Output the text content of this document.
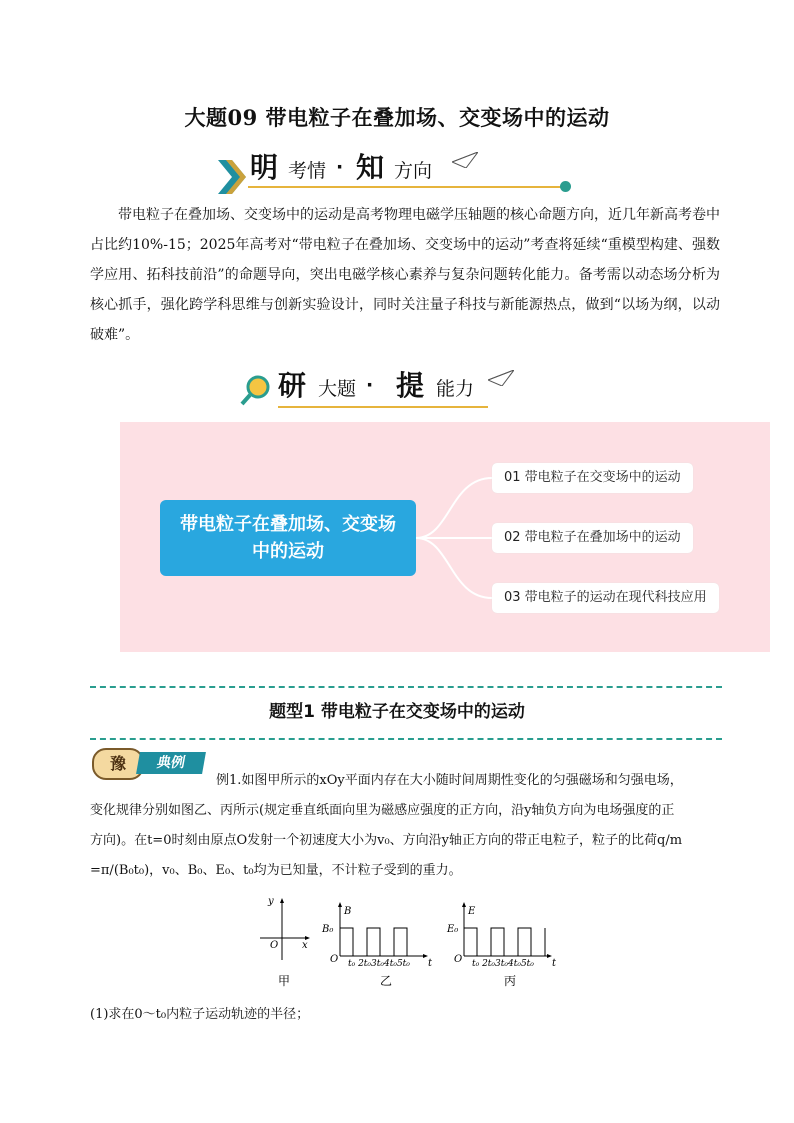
大题09 带电粒子在叠加场、交变场中的运动
明 考情 · 知 方向
带电粒子在叠加场、交变场中的运动是高考物理电磁学压轴题的核心命题方向，近几年新高考卷中占比约10%-15；2025年高考对“带电粒子在叠加场、交变场中的运动”考查将延续“重模型构建、强数学应用、拓科技前沿”的命题导向，突出电磁学核心素养与复杂问题转化能力。备考需以动态场分析为核心抓手，强化跨学科思维与创新实验设计，同时关注量子科技与新能源热点，做到“以场为纲，以动破难”。
研 大题 · 提 能力
带电粒子在叠加场、交变场中的运动
01 带电粒子在交变场中的运动
02 带电粒子在叠加场中的运动
03 带电粒子的运动在现代科技应用
题型1 带电粒子在交变场中的运动
豫	典例
例1.如图甲所示的xOy平面内存在大小随时间周期性变化的匀强磁场和匀强电场，
变化规律分别如图乙、丙所示(规定垂直纸面向里为磁感应强度的正方向，沿y轴负方向为电场强度的正
方向)。在t=0时刻由原点O发射一个初速度大小为v₀、方向沿y轴正方向的带正电粒子，粒子的比荷q/m
=π/(B₀t₀)，v₀、B₀、E₀、t₀均为已知量，不计粒子受到的重力。
y
x
O
甲
B
B₀
O t₀ 2t₀3t₀4t₀5t₀ t
乙
E
E₀
O t₀ 2t₀3t₀4t₀5t₀ t
丙
(1)求在0～t₀内粒子运动轨迹的半径；
